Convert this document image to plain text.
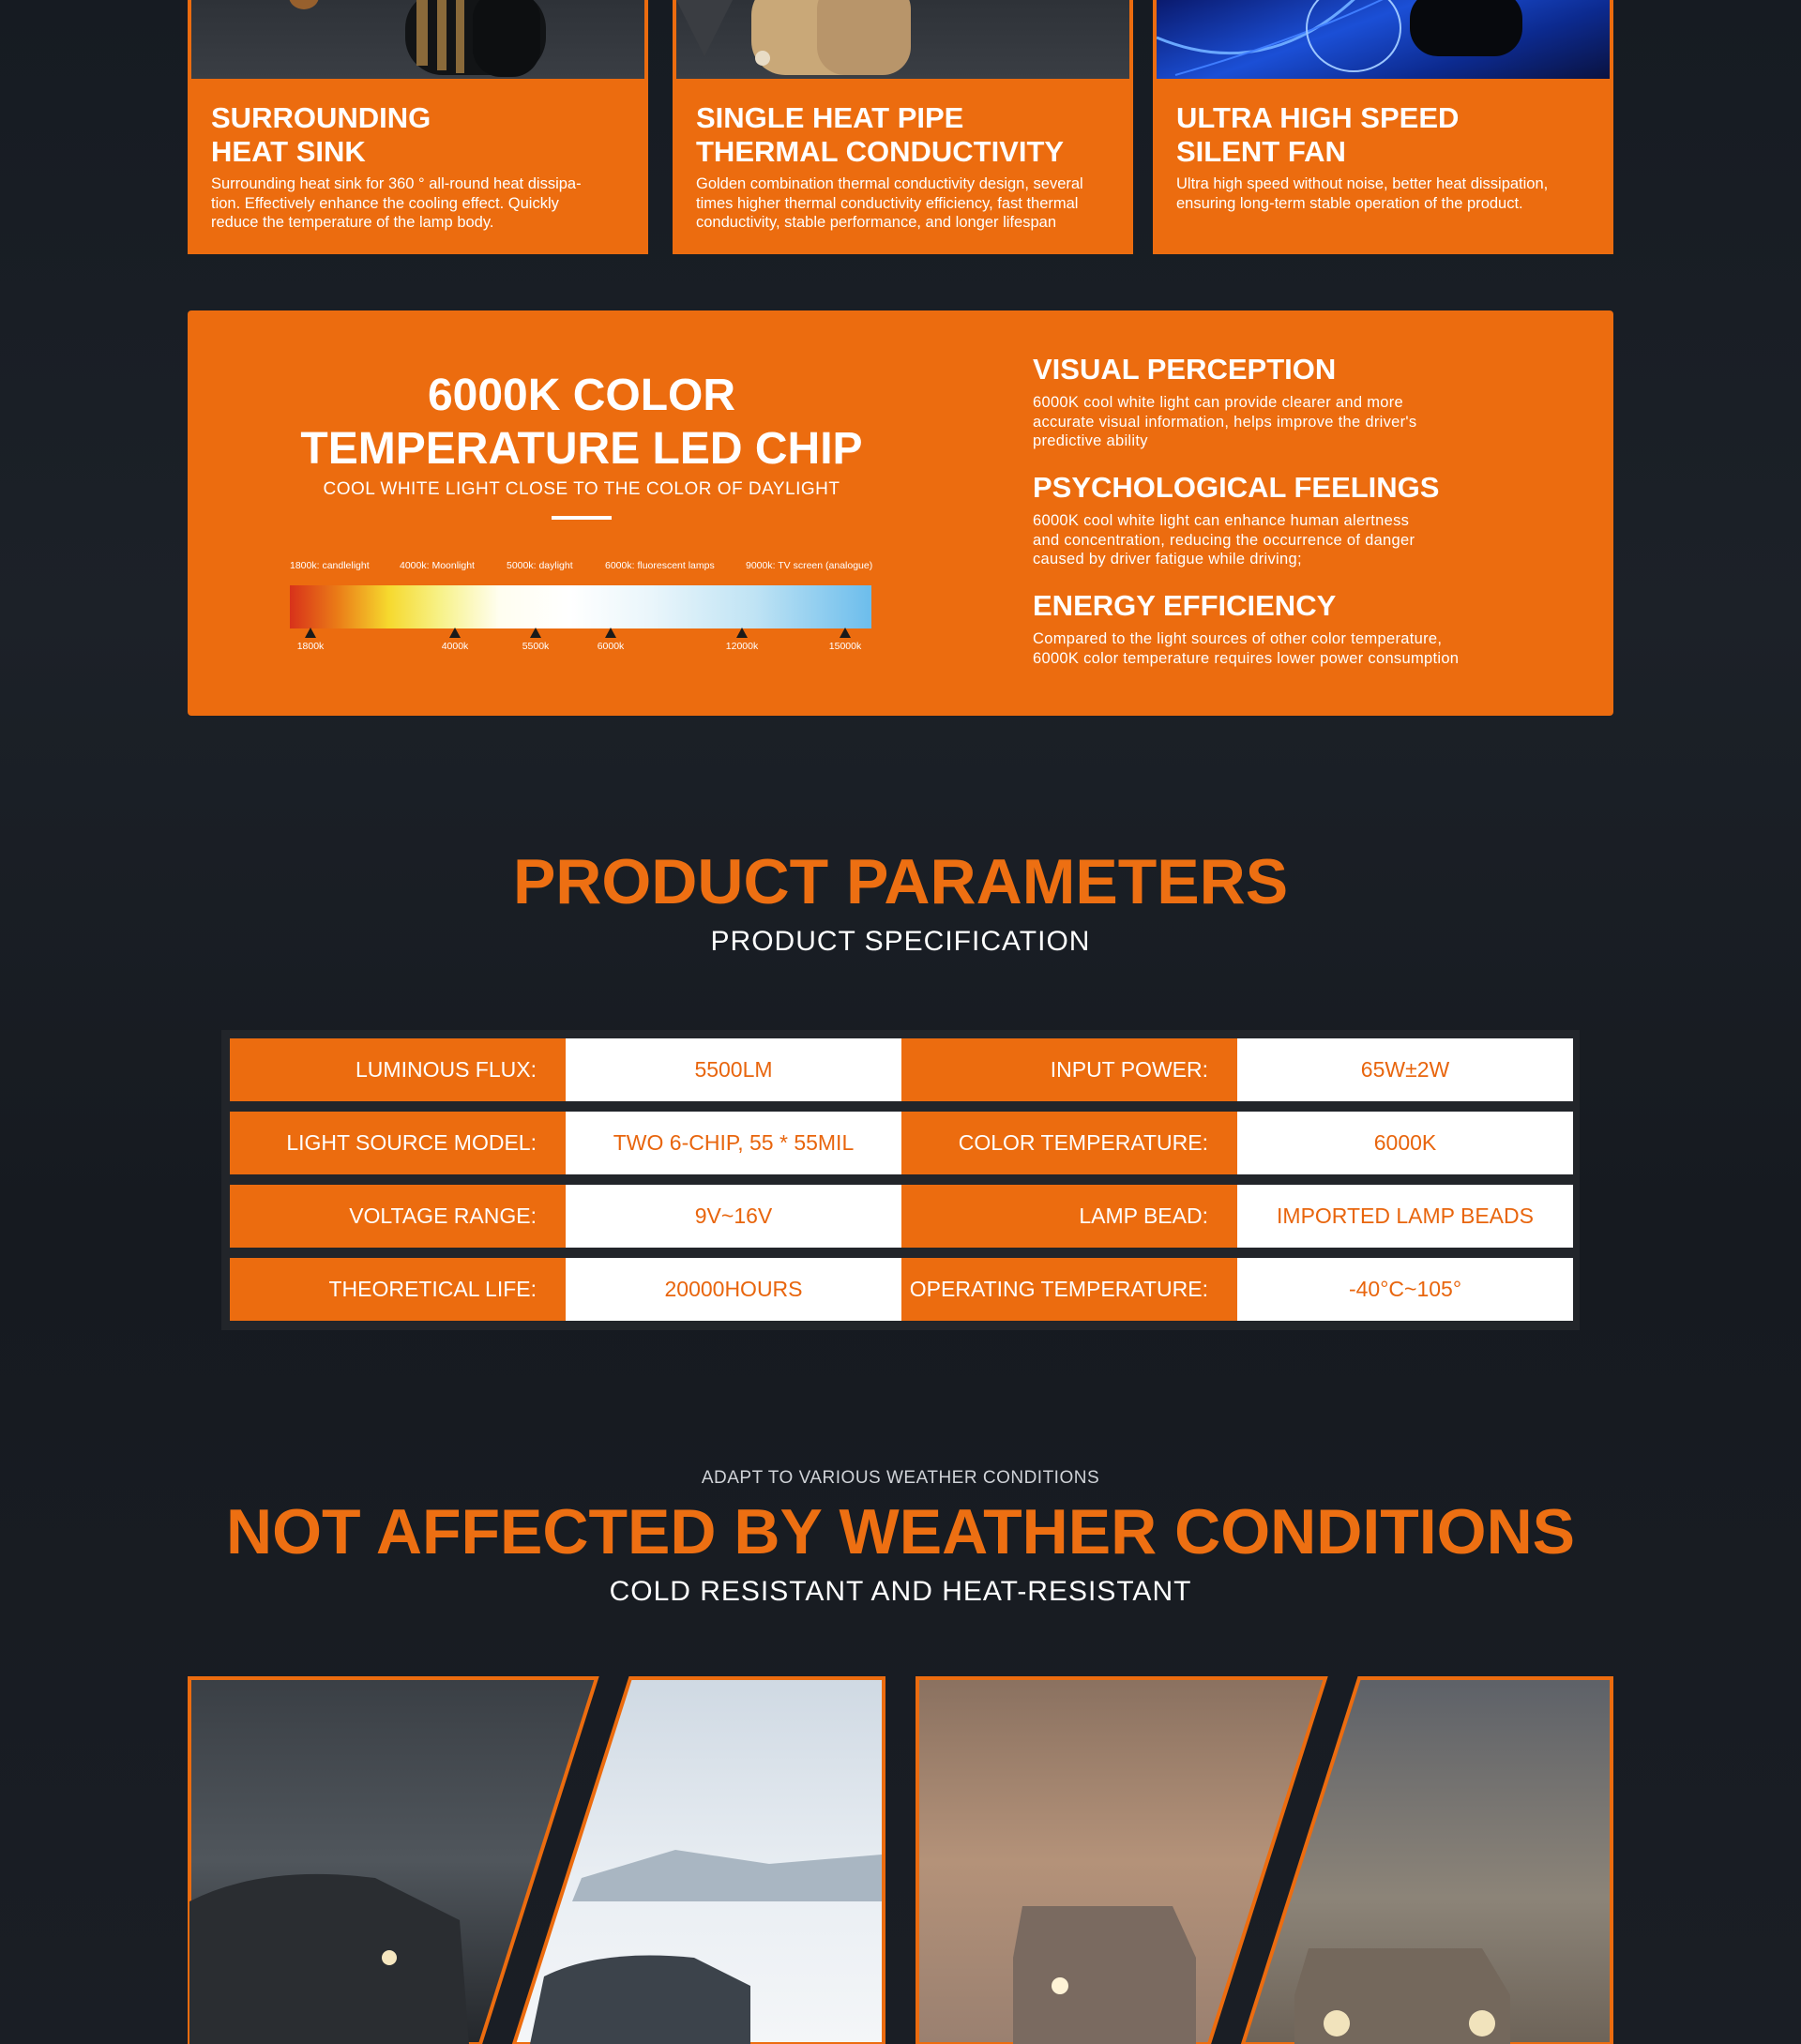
SURROUNDING
HEAT SINK

Surrounding heat sink for 360 ° all-round heat dissipa-
tion. Effectively enhance the cooling effect. Quickly
reduce the temperature of the lamp body.

SINGLE HEAT PIPE
THERMAL CONDUCTIVITY

Golden combination thermal conductivity design, several
times higher thermal conductivity efficiency, fast thermal
conductivity, stable performance, and longer lifespan

ULTRA HIGH SPEED
SILENT FAN

Ultra high speed without noise, better heat dissipation,
ensuring long-term stable operation of the product.

6000K COLOR
TEMPERATURE LED CHIP
COOL WHITE LIGHT CLOSE TO THE COLOR OF DAYLIGHT
1800k: candlelight	4000k: Moonlight	5000k: daylight	6000k: fluorescent lamps	9000k: TV screen (analogue)
1800k	4000k	5500k	6000k	12000k	15000k
VISUAL PERCEPTION

6000K cool white light can provide clearer and more
accurate visual information, helps improve the driver's
predictive ability

PSYCHOLOGICAL FEELINGS

6000K cool white light can enhance human alertness
and concentration, reducing the occurrence of danger
caused by driver fatigue while driving;

ENERGY EFFICIENCY

Compared to the light sources of other color temperature,
6000K color temperature requires lower power consumption

PRODUCT PARAMETERS
PRODUCT SPECIFICATION
LUMINOUS FLUX:	5500LM	INPUT POWER:	65W±2W
LIGHT SOURCE MODEL:	TWO 6-CHIP, 55 * 55MIL	COLOR TEMPERATURE:	6000K
VOLTAGE RANGE:	9V~16V	LAMP BEAD:	IMPORTED LAMP BEADS
THEORETICAL LIFE:	20000HOURS	OPERATING TEMPERATURE:	-40°C~105°
ADAPT TO VARIOUS WEATHER CONDITIONS
NOT AFFECTED BY WEATHER CONDITIONS
COLD RESISTANT AND HEAT-RESISTANT
